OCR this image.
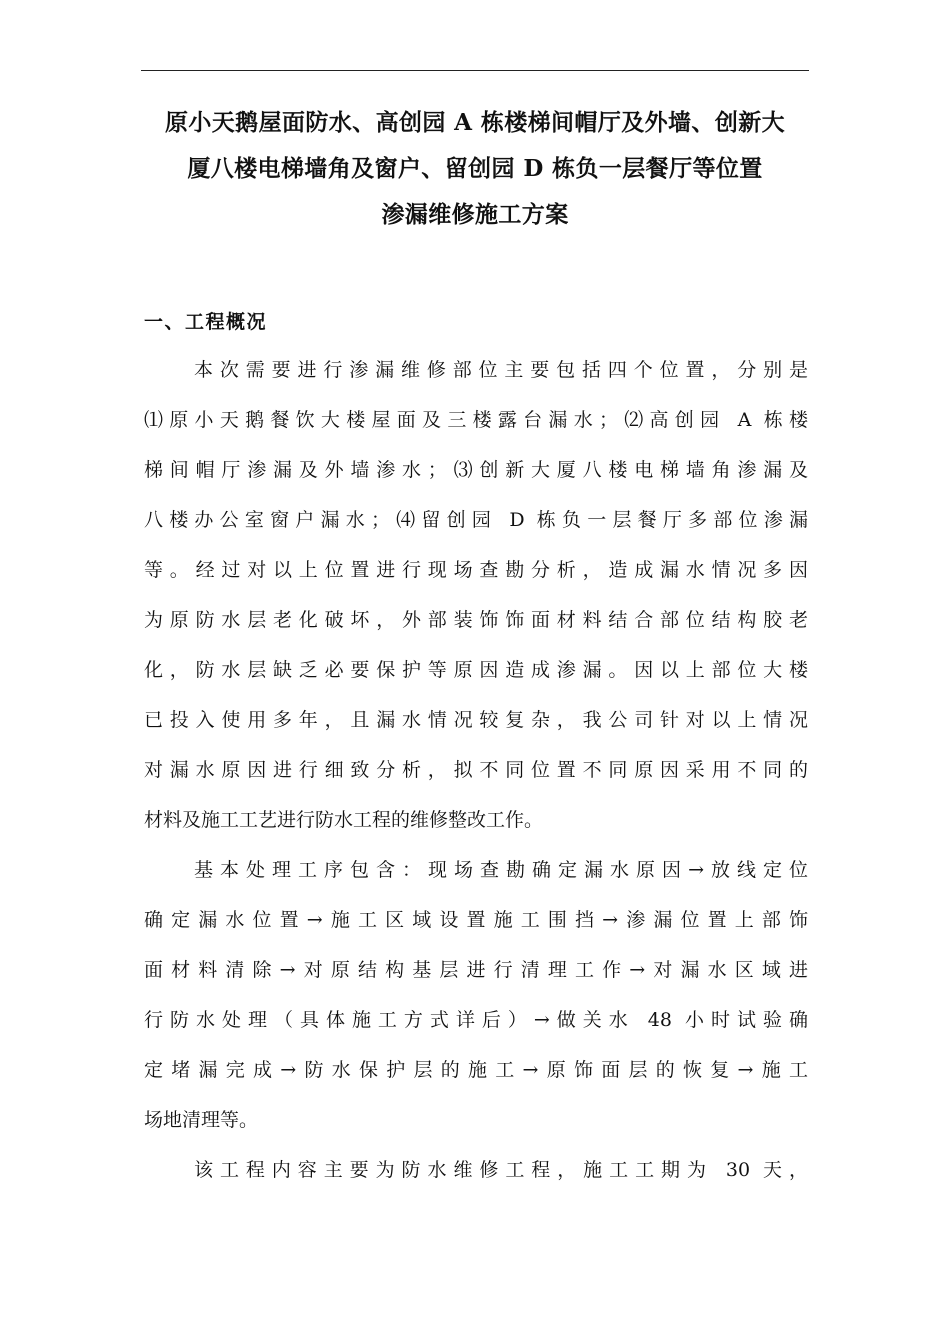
原小天鹅屋面防水、高创园 A 栋楼梯间帽厅及外墙、创新大
厦八楼电梯墙角及窗户、留创园 D 栋负一层餐厅等位置
渗漏维修施工方案
一、工程概况
本次需要进行渗漏维修部位主要包括四个位置，分别是
⑴原小天鹅餐饮大楼屋面及三楼露台漏水；⑵高创园 A 栋楼
梯间帽厅渗漏及外墙渗水；⑶创新大厦八楼电梯墙角渗漏及
八楼办公室窗户漏水；⑷留创园 D 栋负一层餐厅多部位渗漏
等。经过对以上位置进行现场查勘分析，造成漏水情况多因
为原防水层老化破坏，外部装饰饰面材料结合部位结构胶老
化，防水层缺乏必要保护等原因造成渗漏。因以上部位大楼
已投入使用多年，且漏水情况较复杂，我公司针对以上情况
对漏水原因进行细致分析，拟不同位置不同原因采用不同的
材料及施工工艺进行防水工程的维修整改工作。
基本处理工序包含：现场查勘确定漏水原因→放线定位
确定漏水位置→施工区域设置施工围挡→渗漏位置上部饰
面材料清除→对原结构基层进行清理工作→对漏水区域进
行防水处理（具体施工方式详后）→做关水 48 小时试验确
定堵漏完成→防水保护层的施工→原饰面层的恢复→施工
场地清理等。
该工程内容主要为防水维修工程，施工工期为 30 天，
